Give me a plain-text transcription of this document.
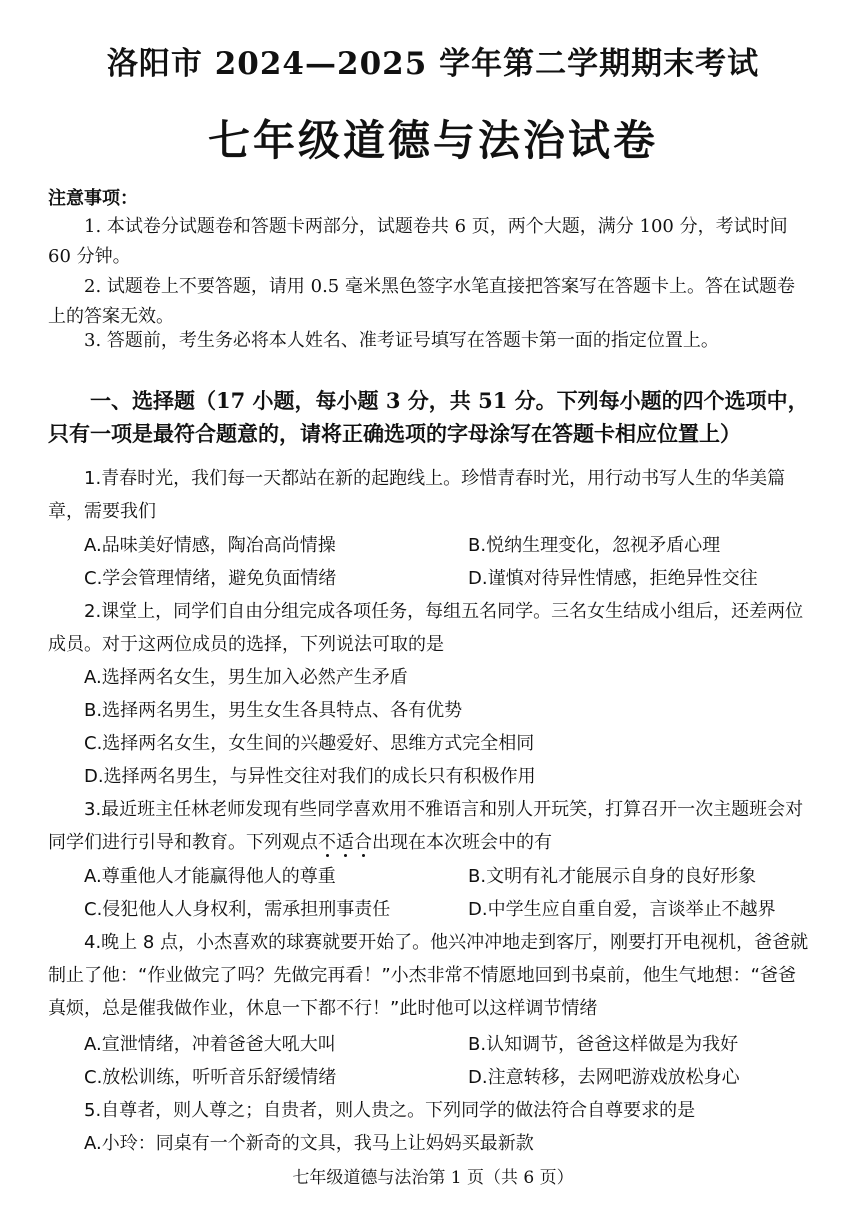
洛阳市 2024—2025 学年第二学期期末考试
七年级道德与法治试卷
注意事项：
1. 本试卷分试题卷和答题卡两部分，试题卷共 6 页，两个大题，满分 100 分，考试时间 60 分钟。
2. 试题卷上不要答题，请用 0.5 毫米黑色签字水笔直接把答案写在答题卡上。答在试题卷上的答案无效。
3. 答题前，考生务必将本人姓名、准考证号填写在答题卡第一面的指定位置上。
一、选择题（17 小题，每小题 3 分，共 51 分。下列每小题的四个选项中，只有一项是最符合题意的，请将正确选项的字母涂写在答题卡相应位置上）
1.青春时光，我们每一天都站在新的起跑线上。珍惜青春时光，用行动书写人生的华美篇章，需要我们
A.品味美好情感，陶冶高尚情操	B.悦纳生理变化，忽视矛盾心理
C.学会管理情绪，避免负面情绪	D.谨慎对待异性情感，拒绝异性交往
2.课堂上，同学们自由分组完成各项任务，每组五名同学。三名女生结成小组后，还差两位成员。对于这两位成员的选择，下列说法可取的是
A.选择两名女生，男生加入必然产生矛盾
B.选择两名男生，男生女生各具特点、各有优势
C.选择两名女生，女生间的兴趣爱好、思维方式完全相同
D.选择两名男生，与异性交往对我们的成长只有积极作用
3.最近班主任林老师发现有些同学喜欢用不雅语言和别人开玩笑，打算召开一次主题班会对同学们进行引导和教育。下列观点不
适
合
出现在本次班会中的有
A.尊重他人才能赢得他人的尊重	B.文明有礼才能展示自身的良好形象
C.侵犯他人人身权利，需承担刑事责任	D.中学生应自重自爱，言谈举止不越界
4.晚上 8 点，小杰喜欢的球赛就要开始了。他兴冲冲地走到客厅，刚要打开电视机，爸爸就制止了他：“作业做完了吗？先做完再看！”小杰非常不情愿地回到书桌前，他生气地想：“爸爸真烦，总是催我做作业，休息一下都不行！”此时他可以这样调节情绪
A.宣泄情绪，冲着爸爸大吼大叫	B.认知调节，爸爸这样做是为我好
C.放松训练，听听音乐舒缓情绪	D.注意转移，去网吧游戏放松身心
5.自尊者，则人尊之；自贵者，则人贵之。下列同学的做法符合自尊要求的是
A.小玲：同桌有一个新奇的文具，我马上让妈妈买最新款
七年级道德与法治第 1 页（共 6 页）
